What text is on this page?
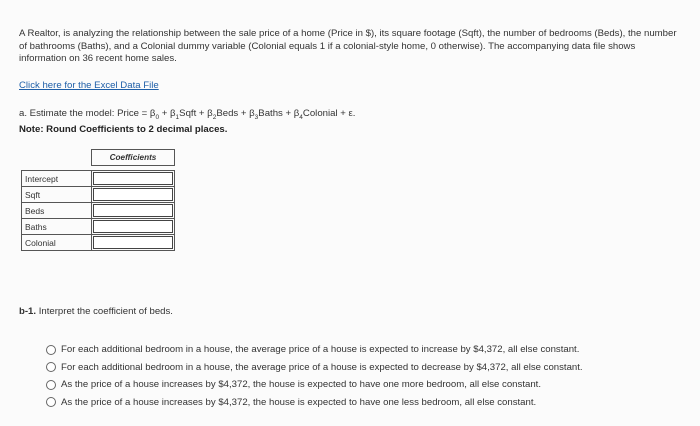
A Realtor, is analyzing the relationship between the sale price of a home (Price in $), its square footage (Sqft), the number of bedrooms (Beds), the number of bathrooms (Baths), and a Colonial dummy variable (Colonial equals 1 if a colonial-style home, 0 otherwise). The accompanying data file shows information on 36 recent home sales.
Click here for the Excel Data File
a. Estimate the model: Price = $\beta_0$ + $\beta_1Sqft$ + $\beta_2Beds$ + $\beta_3Baths$ + $\beta_4Colonial + \varepsilon$.
Note: Round Coefficients to 2 decimal places.
	Coefficients

Intercept	

Sqft	

Beds	

Baths	

Colonial	
b-1. Interpret the coefficient of beds.
For each additional bedroom in a house, the average price of a house is expected to increase by $4,372, all else constant.
For each additional bedroom in a house, the average price of a house is expected to decrease by $4,372, all else constant.
As the price of a house increases by $4,372, the house is expected to have one more bedroom, all else constant.
As the price of a house increases by $4,372, the house is expected to have one less bedroom, all else constant.
